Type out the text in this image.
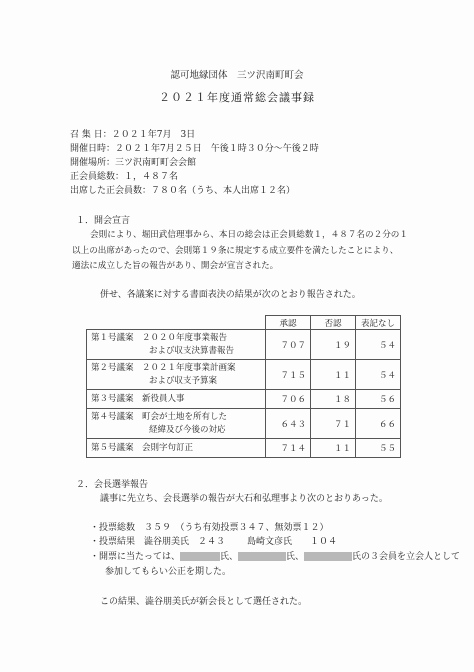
認可地縁団体　三ツ沢南町町会
２０２１年度通常総会議事録
召 集 日：２０２１年7月　3日
開催日時：２０２１年7月２５日　午後１時３０分～午後２時
開催場所：三ツ沢南町町会会館
正会員総数：１，４８７名
出席した正会員数：７８０名（うち、本人出席１２名）
１．開会宣言
会則により、堀田武信理事から、本日の総会は正会員総数１，４８７名の２分の１
以上の出席があったので、会則第１９条に規定する成立要件を満たしたことにより、
適法に成立した旨の報告があり、開会が宣言された。
併せ、各議案に対する書面表決の結果が次のとおり報告された。
	承認	否認	表記なし

第１号議案　２０２０年度事業報告
および収支決算書報告	７０７	１９	５４

第２号議案　２０２１年度事業計画案
および収支予算案	７１５	１１	５４
第３号議案　新役員人事	７０６	１８	５６

第４号議案　町会が土地を所有した
経緯及び今後の対応	６４３	７１	６６
第５号議案　会則字句訂正	７１４	１１	５５
２．会長選挙報告
議事に先立ち、会長選挙の報告が大石和弘理事より次のとおりあった。
・投票総数　３５９　（うち有効投票３４７、無効票１２）
・投票結果　澁谷朋美氏　２４３ 島崎文彦氏　　１０４
・開票に当たっては、	氏、	氏、	氏の３会員を立会人として
参加してもらい公正を期した。
この結果、澁谷朋美氏が新会長として選任された。
